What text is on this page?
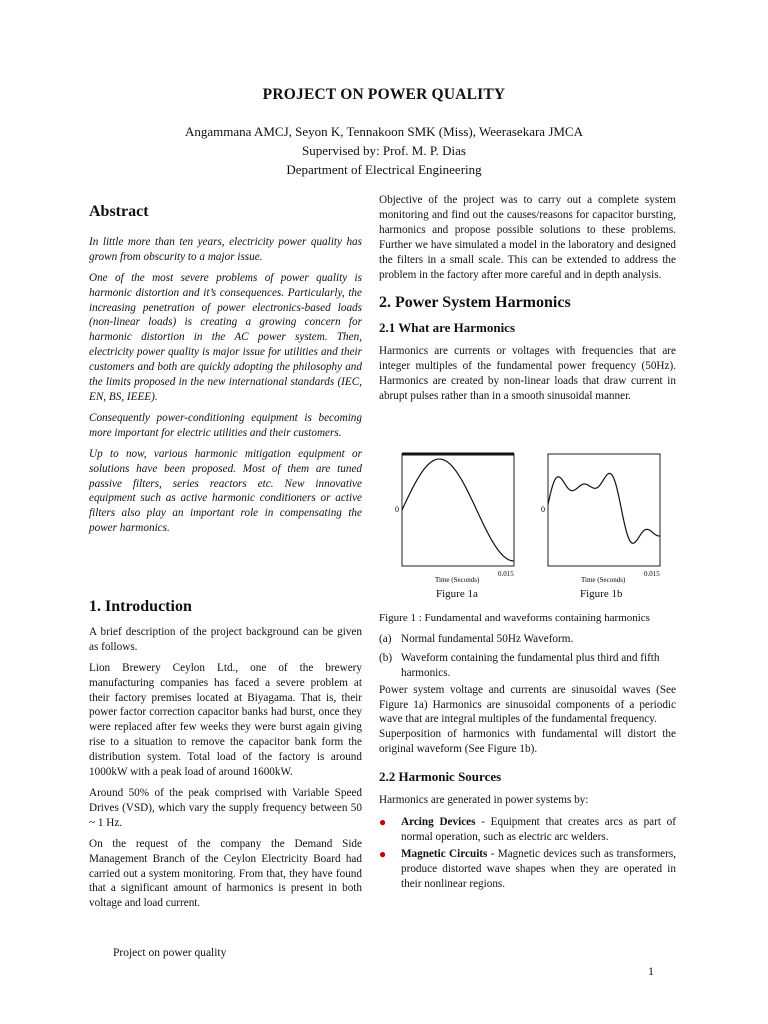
PROJECT ON POWER QUALITY
Angammana AMCJ, Seyon K, Tennakoon SMK (Miss), Weerasekara JMCA
Supervised by: Prof. M. P. Dias
Department of Electrical Engineering
Abstract

In little more than ten years, electricity power quality has grown from obscurity to a major issue.

One of the most severe problems of power quality is harmonic distortion and it’s consequences. Particularly, the increasing penetration of power electronics-based loads (non-linear loads) is creating a growing concern for harmonic distortion in the AC power system. Then, electricity power quality is major issue for utilities and their customers and both are quickly adopting the philosophy and the limits proposed in the new international standards (IEC, EN, BS, IEEE).

Consequently power-conditioning equipment is becoming more important for electric utilities and their customers.

Up to now, various harmonic mitigation equipment or solutions have been proposed. Most of them are tuned passive filters, series reactors etc. New innovative equipment such as active harmonic conditioners or active filters also play an important role in compensating the power harmonics.

1. Introduction

A brief description of the project background can be given as follows.

Lion Brewery Ceylon Ltd., one of the brewery manufacturing companies has faced a severe problem at their factory premises located at Biyagama. That is, their power factor correction capacitor banks had burst, once they were replaced after few weeks they were burst again giving rise to a situation to remove the capacitor bank form the distribution system. Total load of the factory is around 1000kW with a peak load of around 1600kW.

Around 50% of the peak comprised with Variable Speed Drives (VSD), which vary the supply frequency between 50 ~ 1 Hz.

On the request of the company the Demand Side Management Branch of the Ceylon Electricity Board had carried out a system monitoring. From that, they have found that a significant amount of harmonics is present in both voltage and load current.

Objective of the project was to carry out a complete system monitoring and find out the causes/reasons for capacitor bursting, harmonics and propose possible solutions to these problems. Further we have simulated a model in the laboratory and designed the filters in a small scale. This can be extended to address the problem in the factory after more careful and in depth analysis.

2. Power System Harmonics
2.1 What are Harmonics

Harmonics are currents or voltages with frequencies that are integer multiples of the fundamental power frequency (50Hz). Harmonics are created by non-linear loads that draw current in abrupt pulses rather than in a smooth sinusoidal manner.

0
0.015
Time (Seconds)
Figure 1a
0
0.015
Time (Seconds)
Figure 1b
Figure 1 : Fundamental and waveforms containing harmonics
(a) Normal fundamental 50Hz Waveform.
(b) Waveform containing the fundamental plus third and fifth harmonics.

Power system voltage and currents are sinusoidal waves (See Figure 1a) Harmonics are sinusoidal components of a periodic wave that are integral multiples of the fundamental frequency.

Superposition of harmonics with fundamental will distort the original waveform (See Figure 1b).

2.2 Harmonic Sources

Harmonics are generated in power systems by:

●	Arcing Devices - Equipment that creates arcs as part of normal operation, such as electric arc welders.

●	Magnetic Circuits - Magnetic devices such as transformers, produce distorted wave shapes when they are operated in their nonlinear regions.

Project on power quality
1
